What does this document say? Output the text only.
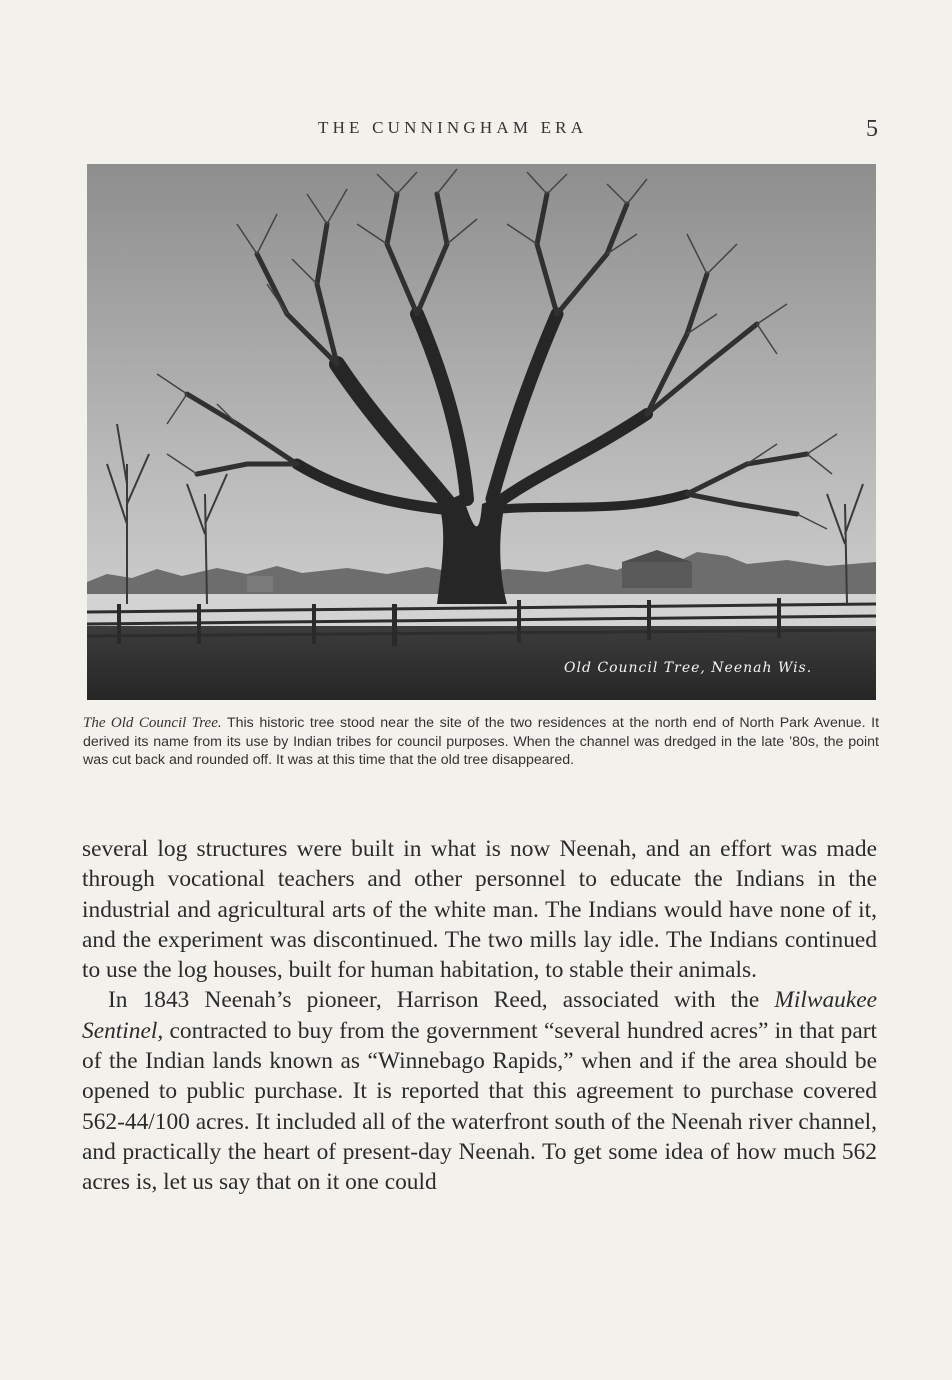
THE CUNNINGHAM ERA	5
Old Council Tree, Neenah Wis.
The Old Council Tree. This historic tree stood near the site of the two residences at the north end of North Park Avenue. It derived its name from its use by Indian tribes for council purposes. When the channel was dredged in the late ’80s, the point was cut back and rounded off. It was at this time that the old tree disappeared.

several log structures were built in what is now Neenah, and an effort was made through vocational teachers and other personnel to educate the Indians in the industrial and agricultural arts of the white man. The Indians would have none of it, and the experiment was discontinued. The two mills lay idle. The Indians continued to use the log houses, built for human habitation, to stable their animals.

In 1843 Neenah’s pioneer, Harrison Reed, associated with the Milwaukee Sentinel, contracted to buy from the government “several hundred acres” in that part of the Indian lands known as “Winnebago Rapids,” when and if the area should be opened to public purchase. It is reported that this agreement to purchase covered 562-44/100 acres. It included all of the waterfront south of the Neenah river channel, and practically the heart of present-day Neenah. To get some idea of how much 562 acres is, let us say that on it one could
